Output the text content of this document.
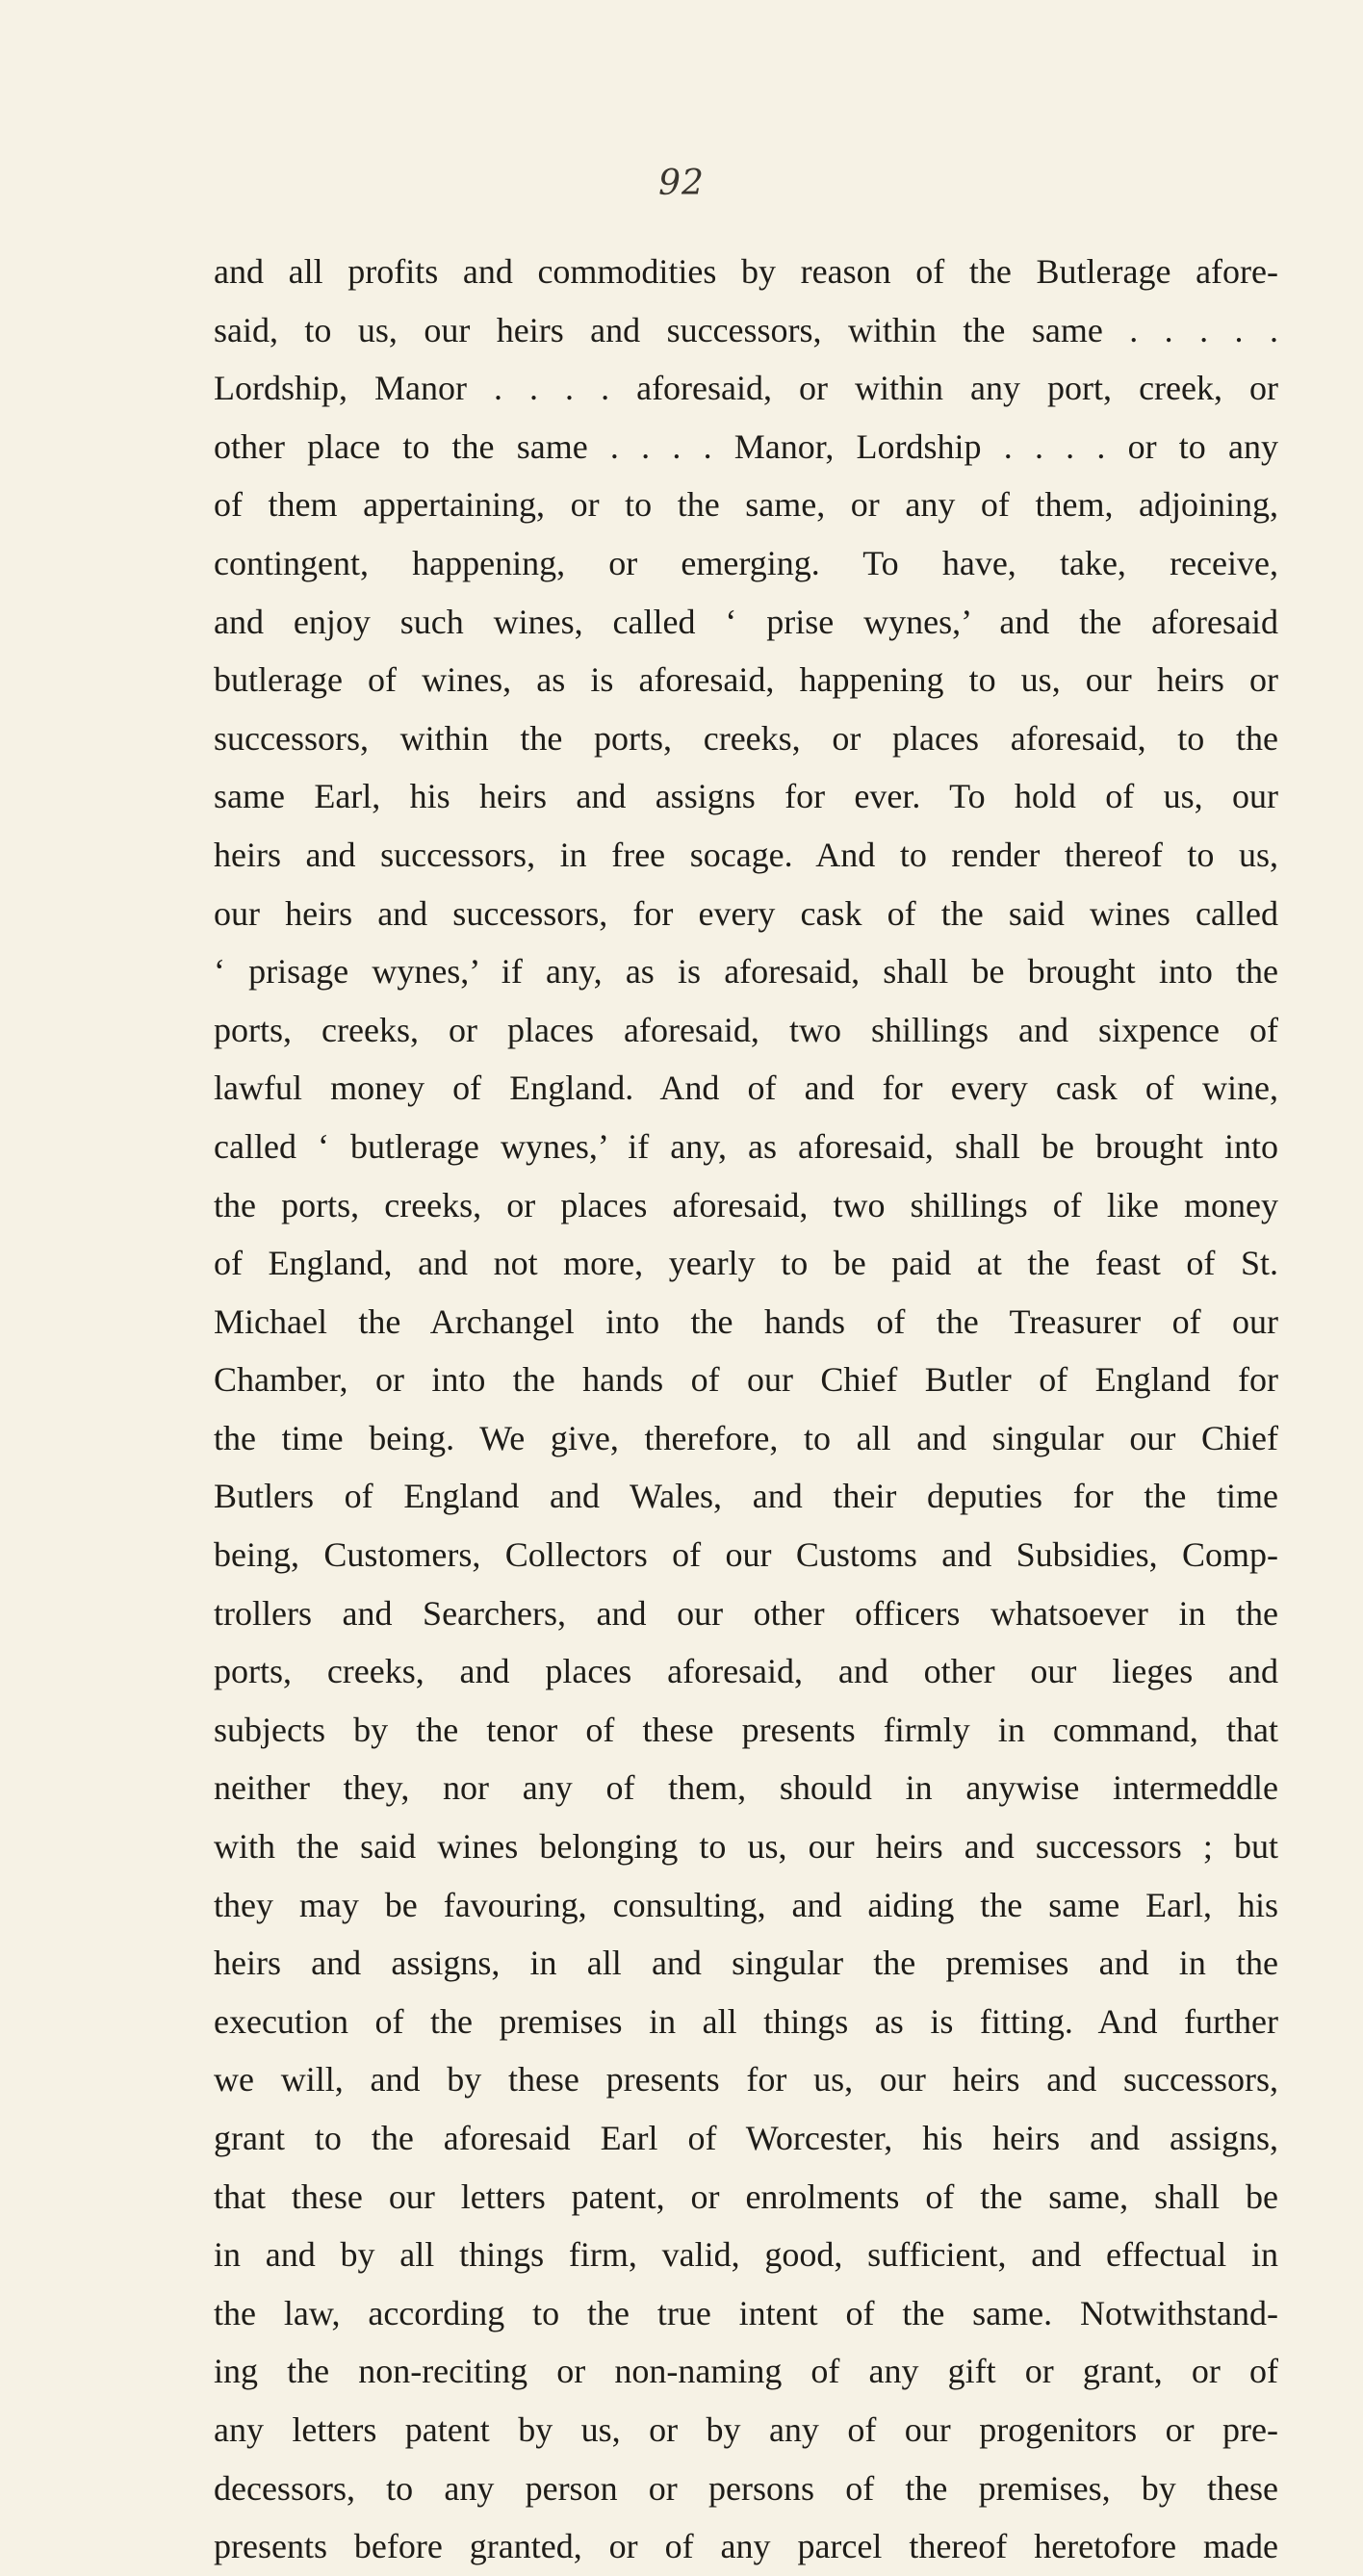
92
and all profits and commodities by reason of the Butlerage afore-
said, to us, our heirs and successors, within the same . . . . .
Lordship, Manor . . . . aforesaid, or within any port, creek, or
other place to the same . . . . Manor, Lordship . . . . or to any
of them appertaining, or to the same, or any of them, adjoining,
contingent, happening, or emerging. To have, take, receive,
and enjoy such wines, called ‘ prise wynes,’ and the aforesaid
butlerage of wines, as is aforesaid, happening to us, our heirs or
successors, within the ports, creeks, or places aforesaid, to the
same Earl, his heirs and assigns for ever. To hold of us, our
heirs and successors, in free socage. And to render thereof to us,
our heirs and successors, for every cask of the said wines called
‘ prisage wynes,’ if any, as is aforesaid, shall be brought into the
ports, creeks, or places aforesaid, two shillings and sixpence of
lawful money of England. And of and for every cask of wine,
called ‘ butlerage wynes,’ if any, as aforesaid, shall be brought into
the ports, creeks, or places aforesaid, two shillings of like money
of England, and not more, yearly to be paid at the feast of St.
Michael the Archangel into the hands of the Treasurer of our
Chamber, or into the hands of our Chief Butler of England for
the time being. We give, therefore, to all and singular our Chief
Butlers of England and Wales, and their deputies for the time
being, Customers, Collectors of our Customs and Subsidies, Comp-
trollers and Searchers, and our other officers whatsoever in the
ports, creeks, and places aforesaid, and other our lieges and
subjects by the tenor of these presents firmly in command, that
neither they, nor any of them, should in anywise intermeddle
with the said wines belonging to us, our heirs and successors ; but
they may be favouring, consulting, and aiding the same Earl, his
heirs and assigns, in all and singular the premises and in the
execution of the premises in all things as is fitting. And further
we will, and by these presents for us, our heirs and successors,
grant to the aforesaid Earl of Worcester, his heirs and assigns,
that these our letters patent, or enrolments of the same, shall be
in and by all things firm, valid, good, sufficient, and effectual in
the law, according to the true intent of the same. Notwithstand-
ing the non-reciting or non-naming of any gift or grant, or of
any letters patent by us, or by any of our progenitors or pre-
decessors, to any person or persons of the premises, by these
presents before granted, or of any parcel thereof heretofore made
